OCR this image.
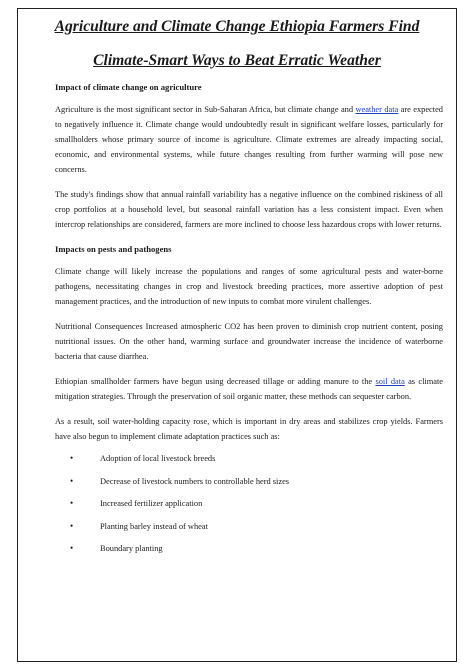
Agriculture and Climate Change Ethiopia Farmers Find
Climate-Smart Ways to Beat Erratic Weather
Impact of climate change on agriculture

Agriculture is the most significant sector in Sub-Saharan Africa, but climate change and weather data are expected to negatively influence it. Climate change would undoubtedly result in significant welfare losses, particularly for smallholders whose primary source of income is agriculture. Climate extremes are already impacting social, economic, and environmental systems, while future changes resulting from further warming will pose new concerns.

The study's findings show that annual rainfall variability has a negative influence on the combined riskiness of all crop portfolios at a household level, but seasonal rainfall variation has a less consistent impact. Even when intercrop relationships are considered, farmers are more inclined to choose less hazardous crops with lower returns.

Impacts on pests and pathogens

Climate change will likely increase the populations and ranges of some agricultural pests and water-borne pathogens, necessitating changes in crop and livestock breeding practices, more assertive adoption of pest management practices, and the introduction of new inputs to combat more virulent challenges.

Nutritional Consequences Increased atmospheric CO2 has been proven to diminish crop nutrient content, posing nutritional issues. On the other hand, warming surface and groundwater increase the incidence of waterborne bacteria that cause diarrhea.

Ethiopian smallholder farmers have begun using decreased tillage or adding manure to the soil data as climate mitigation strategies. Through the preservation of soil organic matter, these methods can sequester carbon.

As a result, soil water-holding capacity rose, which is important in dry areas and stabilizes crop yields. Farmers have also begun to implement climate adaptation practices such as:

•	Adoption of local livestock breeds
•	Decrease of livestock numbers to controllable herd sizes
•	Increased fertilizer application
•	Planting barley instead of wheat
•	Boundary planting
